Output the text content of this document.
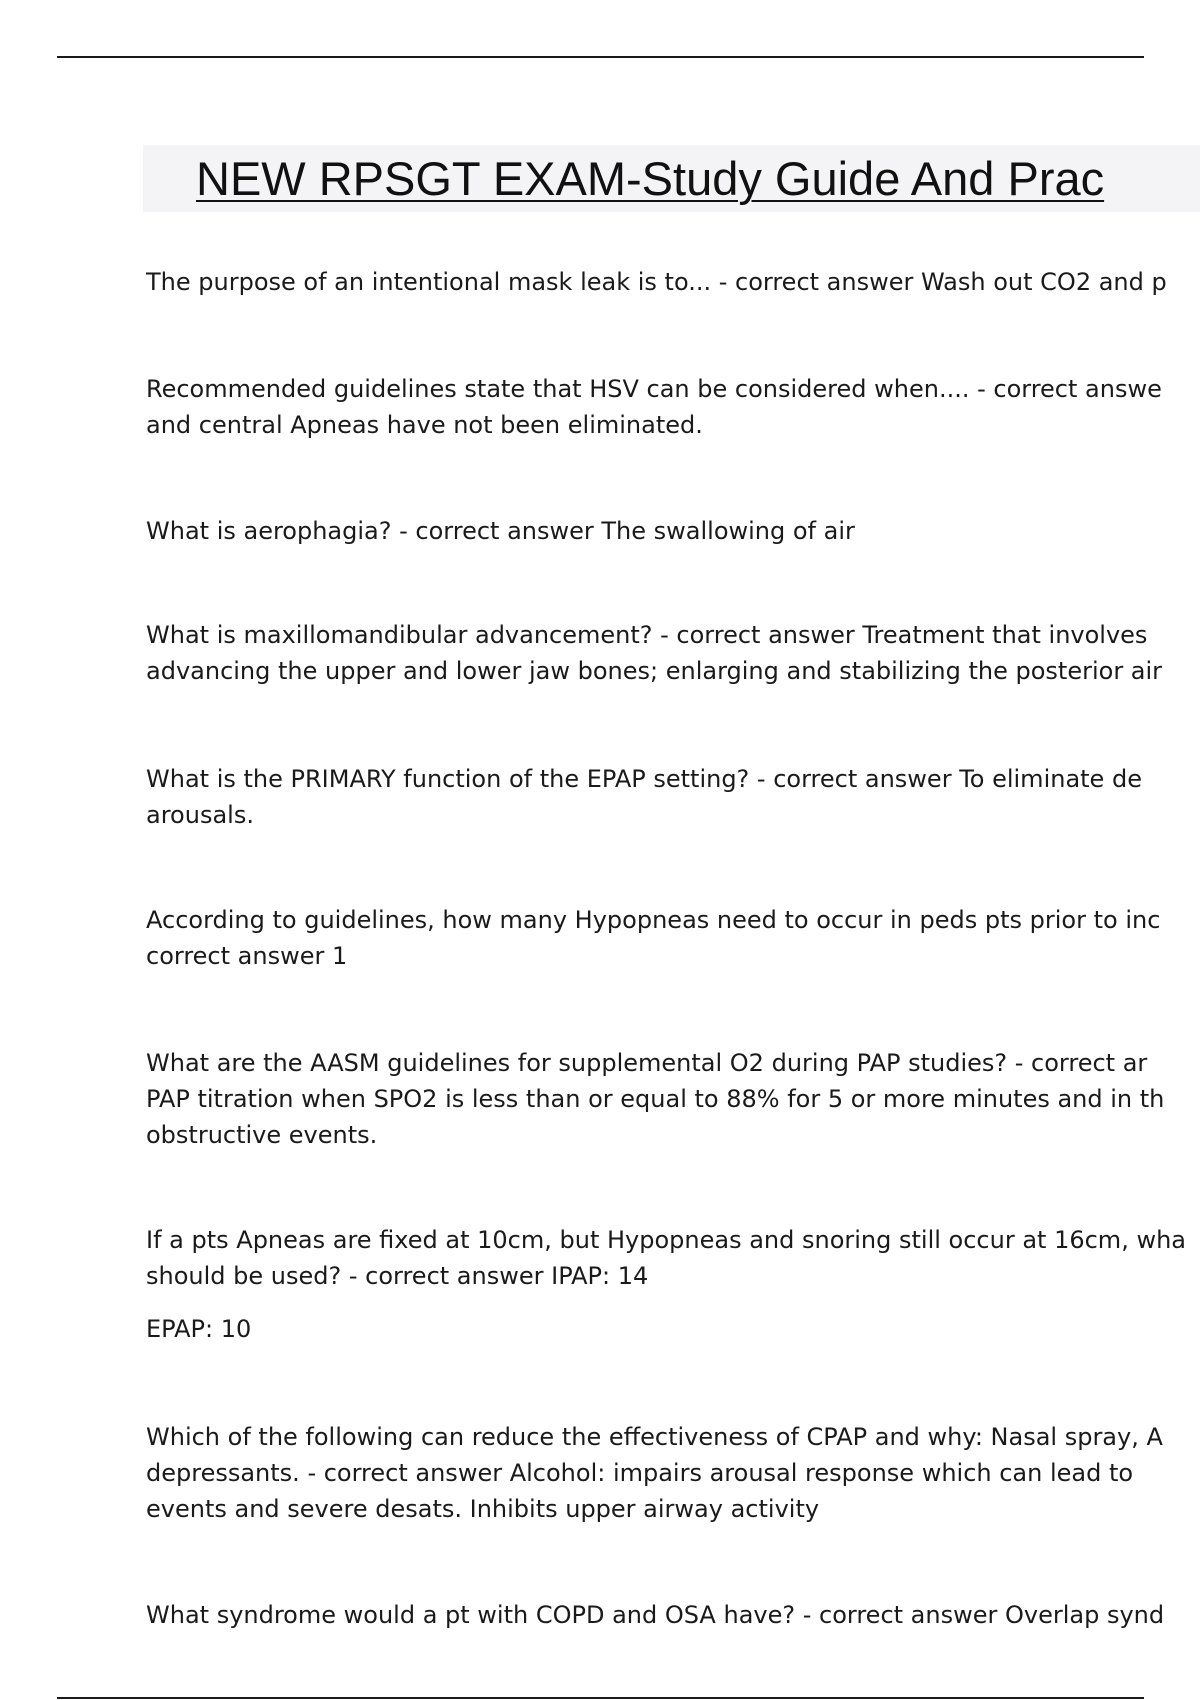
NEW RPSGT EXAM-Study Guide And Prac
The purpose of an intentional mask leak is to... - correct answer Wash out CO2 and p
Recommended guidelines state that HSV can be considered when.... - correct answe
and central Apneas have not been eliminated.
What is aerophagia? - correct answer The swallowing of air
What is maxillomandibular advancement? - correct answer Treatment that involves
advancing the upper and lower jaw bones; enlarging and stabilizing the posterior air
What is the PRIMARY function of the EPAP setting? - correct answer To eliminate de
arousals.
According to guidelines, how many Hypopneas need to occur in peds pts prior to inc
correct answer 1
What are the AASM guidelines for supplemental O2 during PAP studies? - correct ar
PAP titration when SPO2 is less than or equal to 88% for 5 or more minutes and in th
obstructive events.
If a pts Apneas are fixed at 10cm, but Hypopneas and snoring still occur at 16cm, wha
should be used? - correct answer IPAP: 14
EPAP: 10
Which of the following can reduce the effectiveness of CPAP and why: Nasal spray, A
depressants. - correct answer Alcohol: impairs arousal response which can lead to
events and severe desats. Inhibits upper airway activity
What syndrome would a pt with COPD and OSA have? - correct answer Overlap synd
